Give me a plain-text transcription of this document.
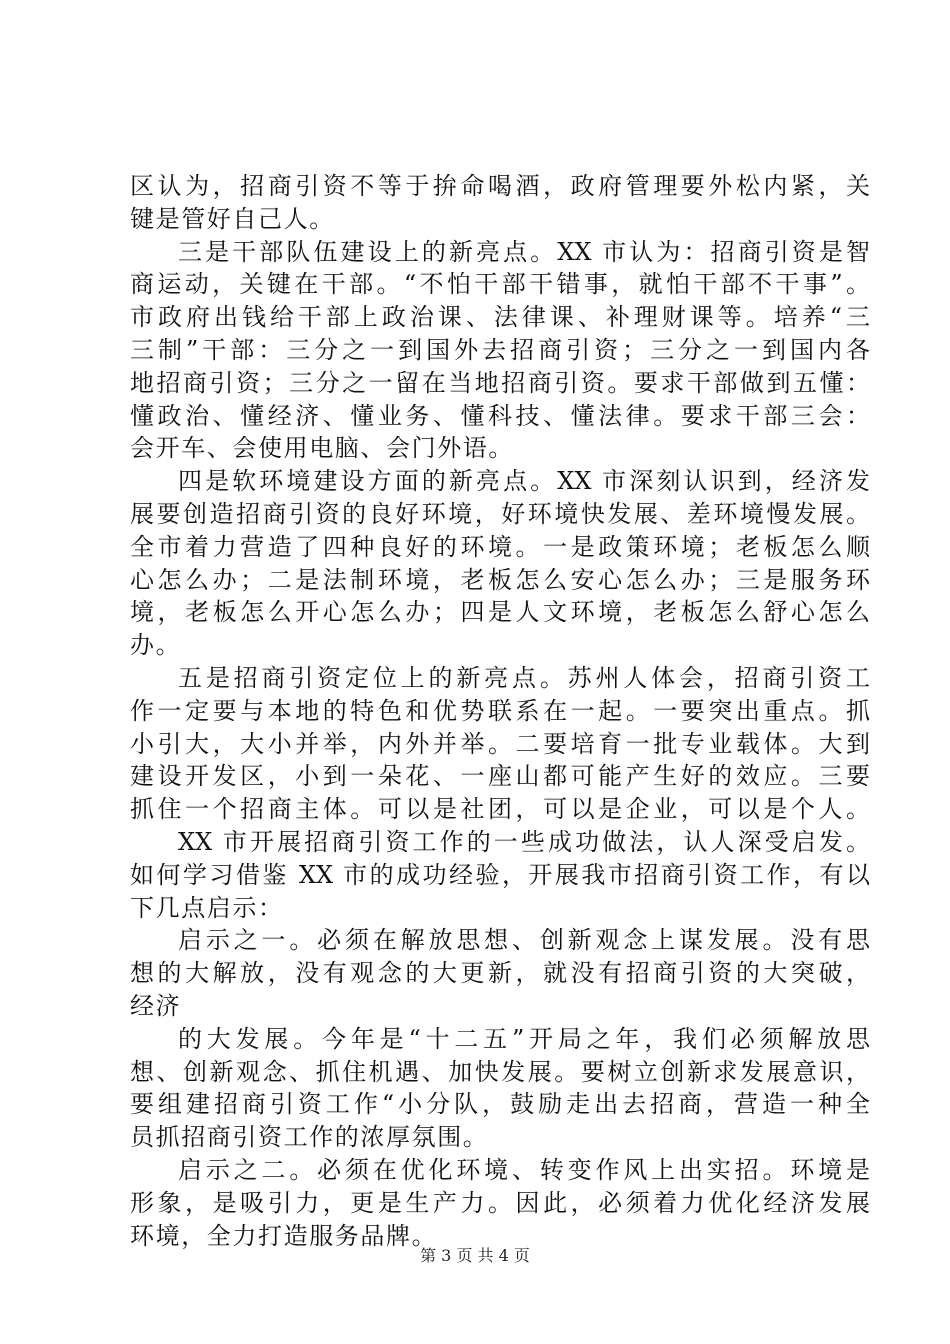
区认为，招商引资不等于拚命喝酒，政府管理要外松内紧，关
键是管好自己人。
三是干部队伍建设上的新亮点。XX 市认为：招商引资是智
商运动，关键在干部。“不怕干部干错事，就怕干部不干事”。
市政府出钱给干部上政治课、法律课、补理财课等。培养“三
三制”干部：三分之一到国外去招商引资；三分之一到国内各
地招商引资；三分之一留在当地招商引资。要求干部做到五懂：
懂政治、懂经济、懂业务、懂科技、懂法律。要求干部三会：
会开车、会使用电脑、会门外语。
四是软环境建设方面的新亮点。XX 市深刻认识到，经济发
展要创造招商引资的良好环境，好环境快发展、差环境慢发展。
全市着力营造了四种良好的环境。一是政策环境；老板怎么顺
心怎么办；二是法制环境，老板怎么安心怎么办；三是服务环
境，老板怎么开心怎么办；四是人文环境，老板怎么舒心怎么
办。
五是招商引资定位上的新亮点。苏州人体会，招商引资工
作一定要与本地的特色和优势联系在一起。一要突出重点。抓
小引大，大小并举，内外并举。二要培育一批专业载体。大到
建设开发区，小到一朵花、一座山都可能产生好的效应。三要
抓住一个招商主体。可以是社团，可以是企业，可以是个人。
XX 市开展招商引资工作的一些成功做法，认人深受启发。
如何学习借鉴 XX 市的成功经验，开展我市招商引资工作，有以
下几点启示：
启示之一。必须在解放思想、创新观念上谋发展。没有思
想的大解放，没有观念的大更新，就没有招商引资的大突破，
经济
的大发展。今年是“十二五”开局之年，我们必须解放思
想、创新观念、抓住机遇、加快发展。要树立创新求发展意识，
要组建招商引资工作“小分队，鼓励走出去招商，营造一种全
员抓招商引资工作的浓厚氛围。
启示之二。必须在优化环境、转变作风上出实招。环境是
形象，是吸引力，更是生产力。因此，必须着力优化经济发展
环境，全力打造服务品牌。
第 3 页 共 4 页
